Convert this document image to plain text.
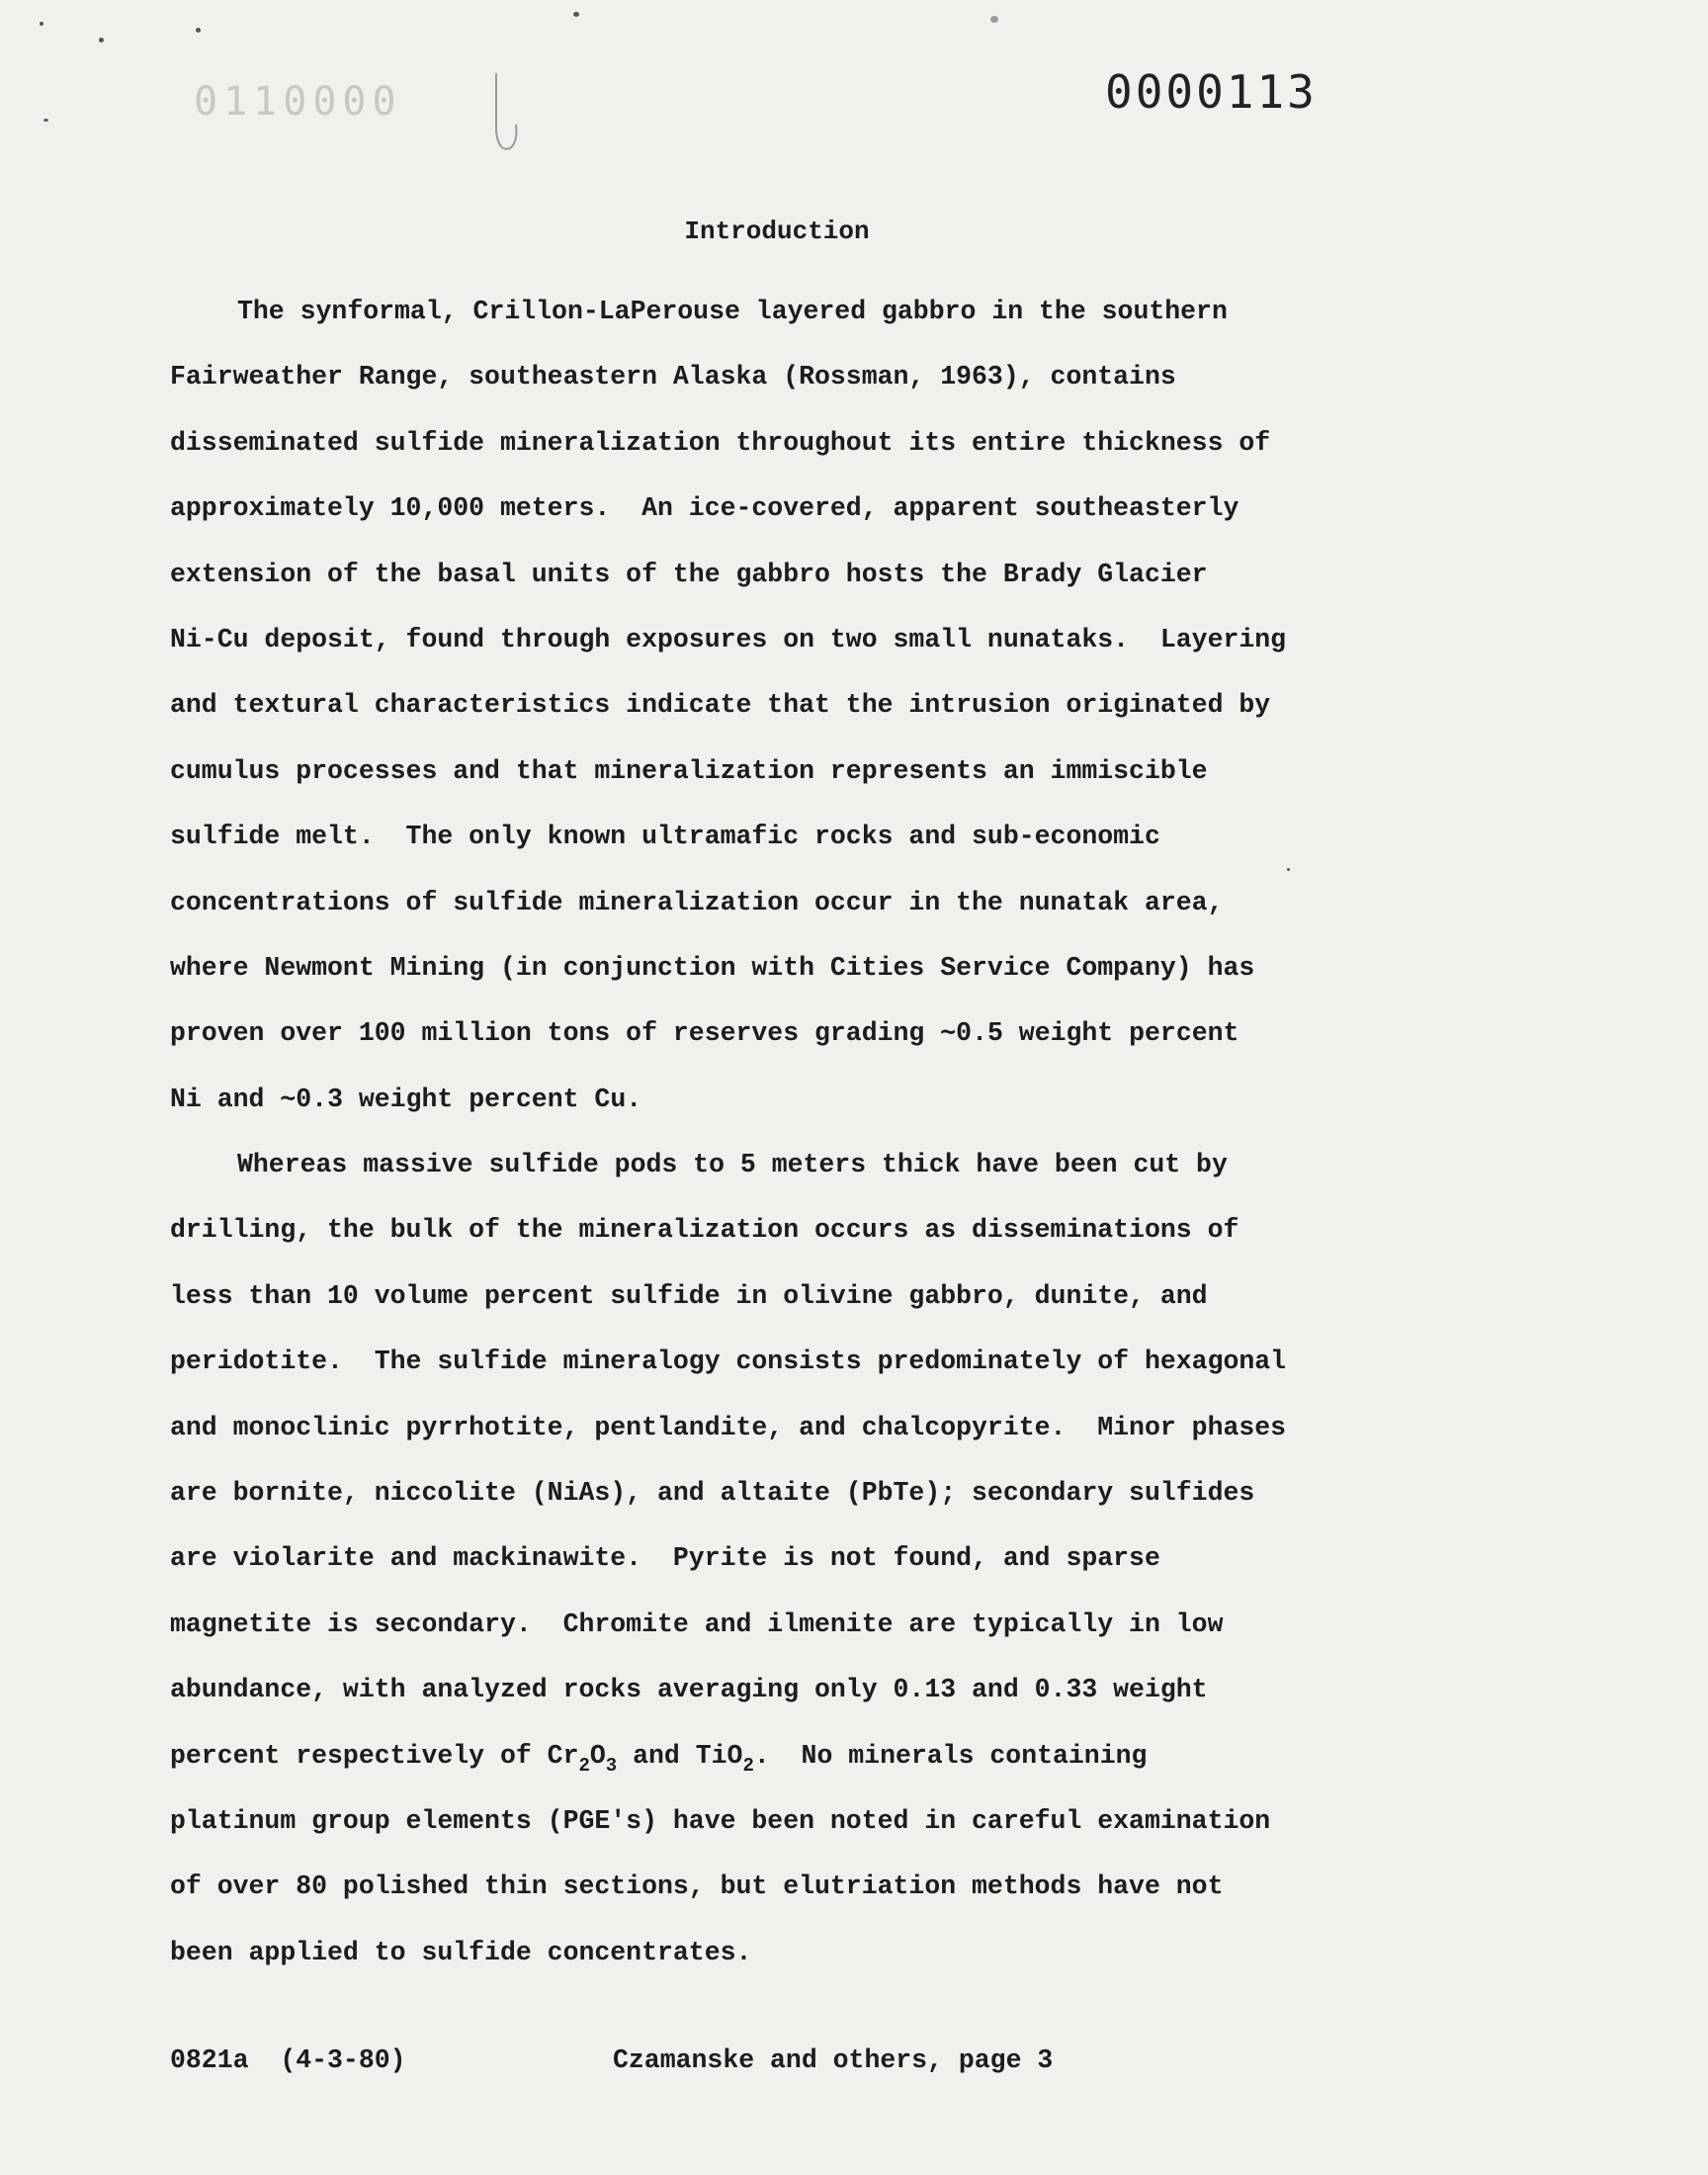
0110000	0000113
Introduction
The synformal, Crillon-LaPerouse layered gabbro in the southern
Fairweather Range, southeastern Alaska (Rossman, 1963), contains
disseminated sulfide mineralization throughout its entire thickness of
approximately 10,000 meters.  An ice-covered, apparent southeasterly
extension of the basal units of the gabbro hosts the Brady Glacier
Ni-Cu deposit, found through exposures on two small nunataks.  Layering
and textural characteristics indicate that the intrusion originated by
cumulus processes and that mineralization represents an immiscible
sulfide melt.  The only known ultramafic rocks and sub-economic
concentrations of sulfide mineralization occur in the nunatak area,
where Newmont Mining (in conjunction with Cities Service Company) has
proven over 100 million tons of reserves grading ∼0.5 weight percent
Ni and ∼0.3 weight percent Cu.
Whereas massive sulfide pods to 5 meters thick have been cut by
drilling, the bulk of the mineralization occurs as disseminations of
less than 10 volume percent sulfide in olivine gabbro, dunite, and
peridotite.  The sulfide mineralogy consists predominately of hexagonal
and monoclinic pyrrhotite, pentlandite, and chalcopyrite.  Minor phases
are bornite, niccolite (NiAs), and altaite (PbTe); secondary sulfides
are violarite and mackinawite.  Pyrite is not found, and sparse
magnetite is secondary.  Chromite and ilmenite are typically in low
abundance, with analyzed rocks averaging only 0.13 and 0.33 weight
percent respectively of $Cr_2O_3$ and TiO$_2$.  No minerals containing
platinum group elements (PGE's) have been noted in careful examination
of over 80 polished thin sections, but elutriation methods have not
been applied to sulfide concentrates.
0821a  (4-3-80)	Czamanske and others, page 3
